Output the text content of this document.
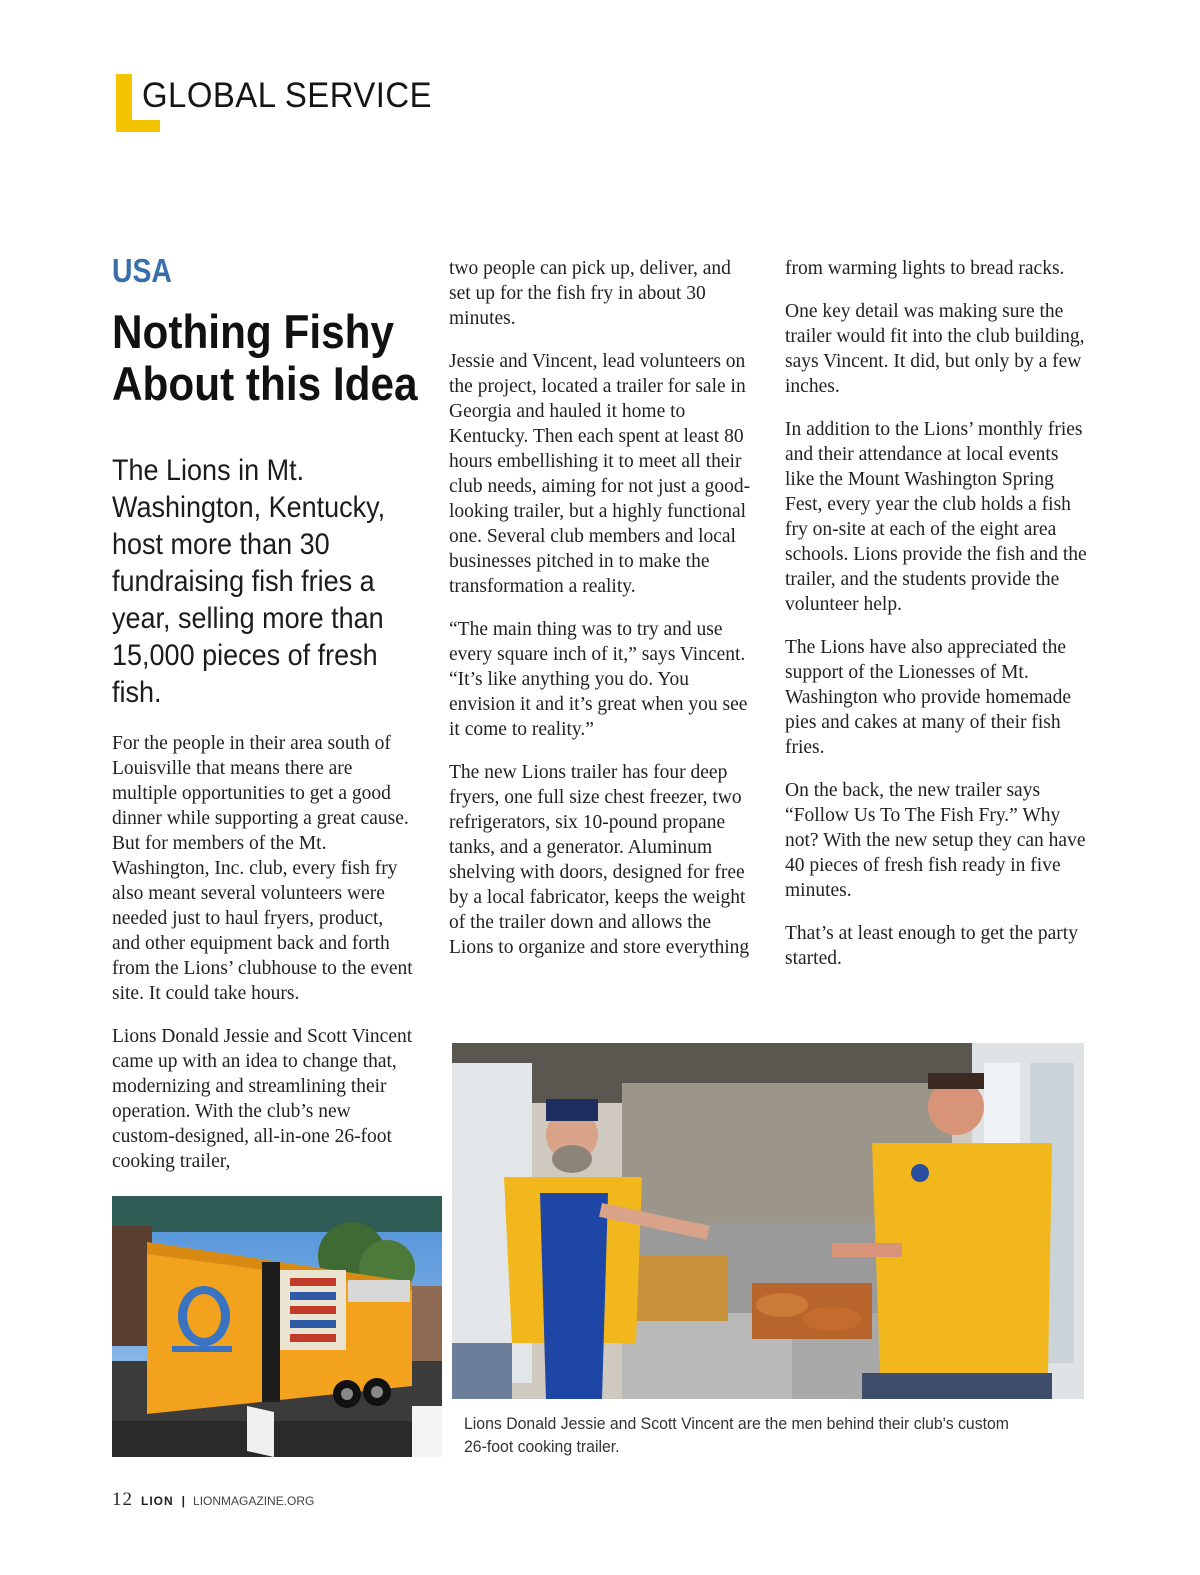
GLOBAL SERVICE
USA
Nothing Fishy
About this Idea

The Lions in Mt. Washington, Kentucky, host more than 30 fundraising fish fries a year, selling more than 15,000 pieces of fresh fish.

For the people in their area south of Louisville that means there are multiple opportunities to get a good dinner while supporting a great cause. But for members of the Mt. Washington, Inc. club, every fish fry also meant several volunteers were needed just to haul fryers, product, and other equipment back and forth from the Lions’ clubhouse to the event site. It could take hours.

Lions Donald Jessie and Scott Vincent came up with an idea to change that, modernizing and streamlining their operation. With the club’s new custom-designed, all-in-one 26-foot cooking trailer,

two people can pick up, deliver, and set up for the fish fry in about 30 minutes.

Jessie and Vincent, lead volunteers on the project, located a trailer for sale in Georgia and hauled it home to Kentucky. Then each spent at least 80 hours embellishing it to meet all their club needs, aiming for not just a good-looking trailer, but a highly functional one. Several club members and local businesses pitched in to make the transformation a reality.

“The main thing was to try and use every square inch of it,” says Vincent. “It’s like anything you do. You envision it and it’s great when you see it come to reality.”

The new Lions trailer has four deep fryers, one full size chest freezer, two refrigerators, six 10-pound propane tanks, and a generator. Aluminum shelving with doors, designed for free by a local fabricator, keeps the weight of the trailer down and allows the Lions to organize and store everything

from warming lights to bread racks.

One key detail was making sure the trailer would fit into the club building, says Vincent. It did, but only by a few inches.

In addition to the Lions’ monthly fries and their attendance at local events like the Mount Washington Spring Fest, every year the club holds a fish fry on-site at each of the eight area schools. Lions provide the fish and the trailer, and the students provide the volunteer help.

The Lions have also appreciated the support of the Lionesses of Mt. Washington who provide homemade pies and cakes at many of their fish fries.

On the back, the new trailer says “Follow Us To The Fish Fry.” Why not? With the new setup they can have 40 pieces of fresh fish ready in five minutes.

That’s at least enough to get the party started.

Lions Donald Jessie and Scott Vincent are the men behind their club's custom 26-foot cooking trailer.

12 LION | LIONMAGAZINE.ORG
